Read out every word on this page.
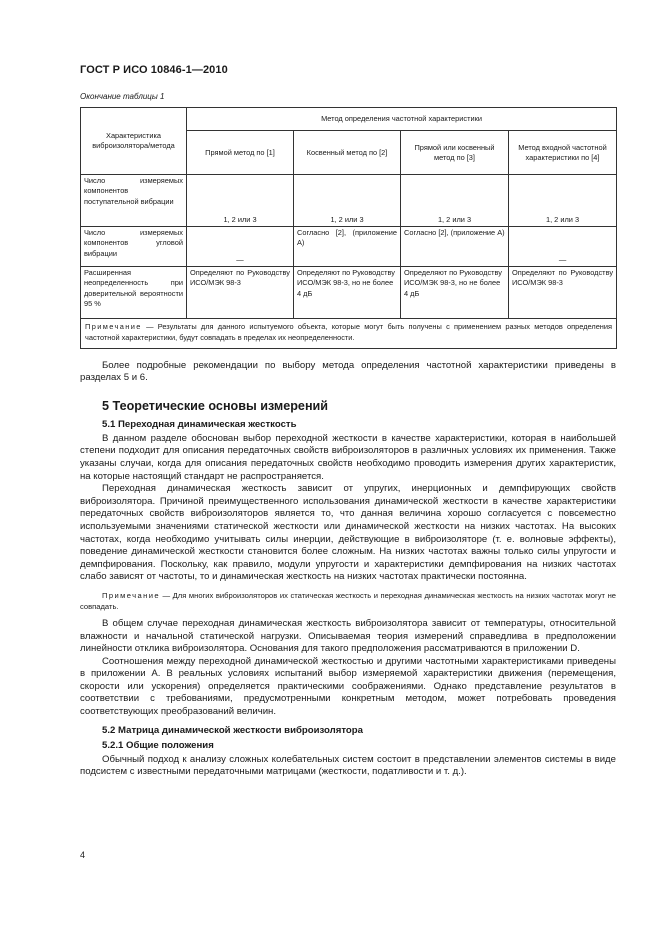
ГОСТ Р ИСО 10846-1—2010
Окончание таблицы 1
Характеристика виброизолятора/метода	Метод определения частотной характеристики			
	Прямой метод по [1]	Косвенный метод по [2]	Прямой или косвенный метод по [3]	Метод входной частотной характеристики по [4]
Число измеряемых компонентов поступательной вибрации	1, 2 или 3	1, 2 или 3	1, 2 или 3	1, 2 или 3
Число измеряемых компонентов угловой вибрации	—	Согласно [2], (приложение А)	Согласно [2], (приложение А)	—
Расширенная неопределенность при доверительной вероятности 95 %	Определяют по Руководству ИСО/МЭК 98-3	Определяют по Руководству ИСО/МЭК 98-3, но не более 4 дБ	Определяют по Руководству ИСО/МЭК 98-3, но не более 4 дБ	Определяют по Руководству ИСО/МЭК 98-3
Примечание — Результаты для данного испытуемого объекта, которые могут быть получены с применением разных методов определения частотной характеристики, будут совпадать в пределах их неопределенности.				

Более подробные рекомендации по выбору метода определения частотной характеристики приведены в разделах 5 и 6.

5 Теоретические основы измерений
5.1 Переходная динамическая жесткость

В данном разделе обоснован выбор переходной жесткости в качестве характеристики, которая в наибольшей степени подходит для описания передаточных свойств виброизоляторов в различных условиях их применения. Также указаны случаи, когда для описания передаточных свойств необходимо проводить измерения других характеристик, на которые настоящий стандарт не распространяется.

Переходная динамическая жесткость зависит от упругих, инерционных и демпфирующих свойств виброизолятора. Причиной преимущественного использования динамической жесткости в качестве характеристики передаточных свойств виброизоляторов является то, что данная величина хорошо согласуется с повсеместно используемыми значениями статической жесткости или динамической жесткости на низких частотах. На высоких частотах, когда необходимо учитывать силы инерции, действующие в виброизоляторе (т. е. волновые эффекты), поведение динамической жесткости становится более сложным. На низких частотах важны только силы упругости и демпфирования. Поскольку, как правило, модули упругости и характеристики демпфирования на низких частотах слабо зависят от частоты, то и динамическая жесткость на низких частотах практически постоянна.

Примечание — Для многих виброизоляторов их статическая жесткость и переходная динамическая жесткость на низких частотах могут не совпадать.

В общем случае переходная динамическая жесткость виброизолятора зависит от температуры, относительной влажности и начальной статической нагрузки. Описываемая теория измерений справедлива в предположении линейности отклика виброизолятора. Основания для такого предположения рассматриваются в приложении D.

Соотношения между переходной динамической жесткостью и другими частотными характеристиками приведены в приложении А. В реальных условиях испытаний выбор измеряемой характеристики движения (перемещения, скорости или ускорения) определяется практическими соображениями. Однако представление результатов в соответствии с требованиями, предусмотренными конкретным методом, может потребовать проведения соответствующих преобразований величин.

5.2 Матрица динамической жесткости виброизолятора
5.2.1 Общие положения

Обычный подход к анализу сложных колебательных систем состоит в представлении элементов системы в виде подсистем с известными передаточными матрицами (жесткости, податливости и т. д.).

4
